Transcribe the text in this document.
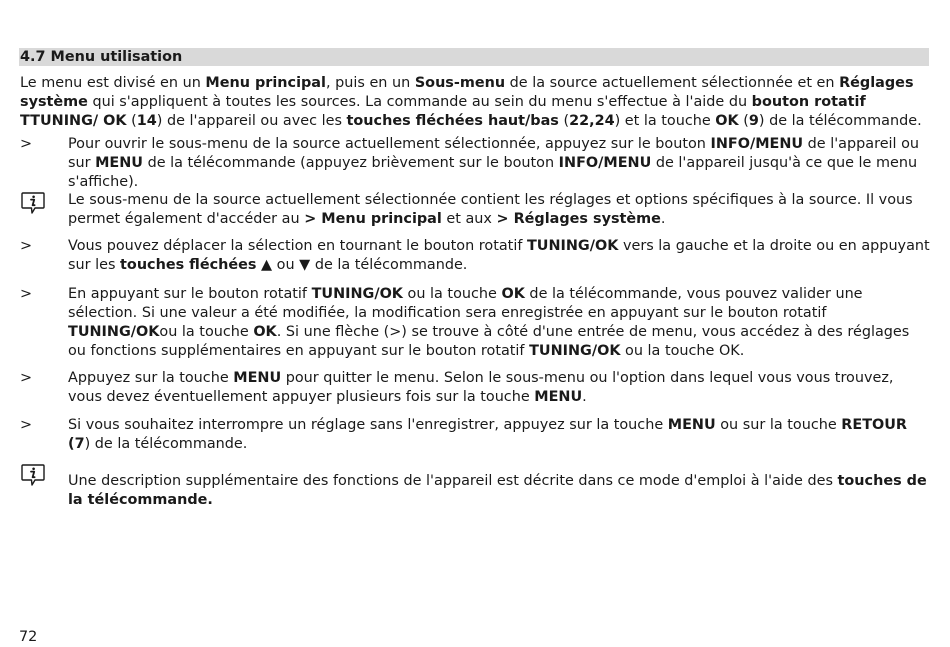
4.7 Menu utilisation
Le menu est divisé en un Menu principal, puis en un Sous-menu de la source actuellement sélectionnée et en Réglages système qui s'appliquent à toutes les sources. La commande au sein du menu s'effectue à l'aide du bouton rotatif TTUNING/ OK (14) de l'appareil ou avec les touches fléchées haut/bas (22,24) et la touche OK (9) de la télécommande.
>	Pour ouvrir le sous-menu de la source actuellement sélectionnée, appuyez sur le bouton INFO/MENU de l'appareil ou sur MENU de la télécommande (appuyez brièvement sur le bouton INFO/MENU de l'appareil jusqu'à ce que le menu s'affiche).
Le sous-menu de la source actuellement sélectionnée contient les réglages et options spécifiques à la source. Il vous permet également d'accéder au > Menu principal et aux > Réglages système.
>	Vous pouvez déplacer la sélection en tournant le bouton rotatif TUNING/OK vers la gauche et la droite ou en appuyant sur les touches fléchées ▲ ou ▼ de la télécommande.
>	En appuyant sur le bouton rotatif TUNING/OK ou la touche OK de la télécommande, vous pouvez valider une sélection. Si une valeur a été modifiée, la modification sera enregistrée en appuyant sur le bouton rotatif TUNING/OKou la touche OK. Si une flèche (>) se trouve à côté d'une entrée de menu, vous accédez à des réglages ou fonctions supplémentaires en appuyant sur le bouton rotatif TUNING/OK ou la touche OK.
>	Appuyez sur la touche MENU pour quitter le menu. Selon le sous-menu ou l'option dans lequel vous vous trouvez, vous devez éventuellement appuyer plusieurs fois sur la touche MENU.
>	Si vous souhaitez interrompre un réglage sans l'enregistrer, appuyez sur la touche MENU ou sur la touche RETOUR (7) de la télécommande.
Une description supplémentaire des fonctions de l'appareil est décrite dans ce mode d'emploi à l'aide des touches de la télécommande.
72
